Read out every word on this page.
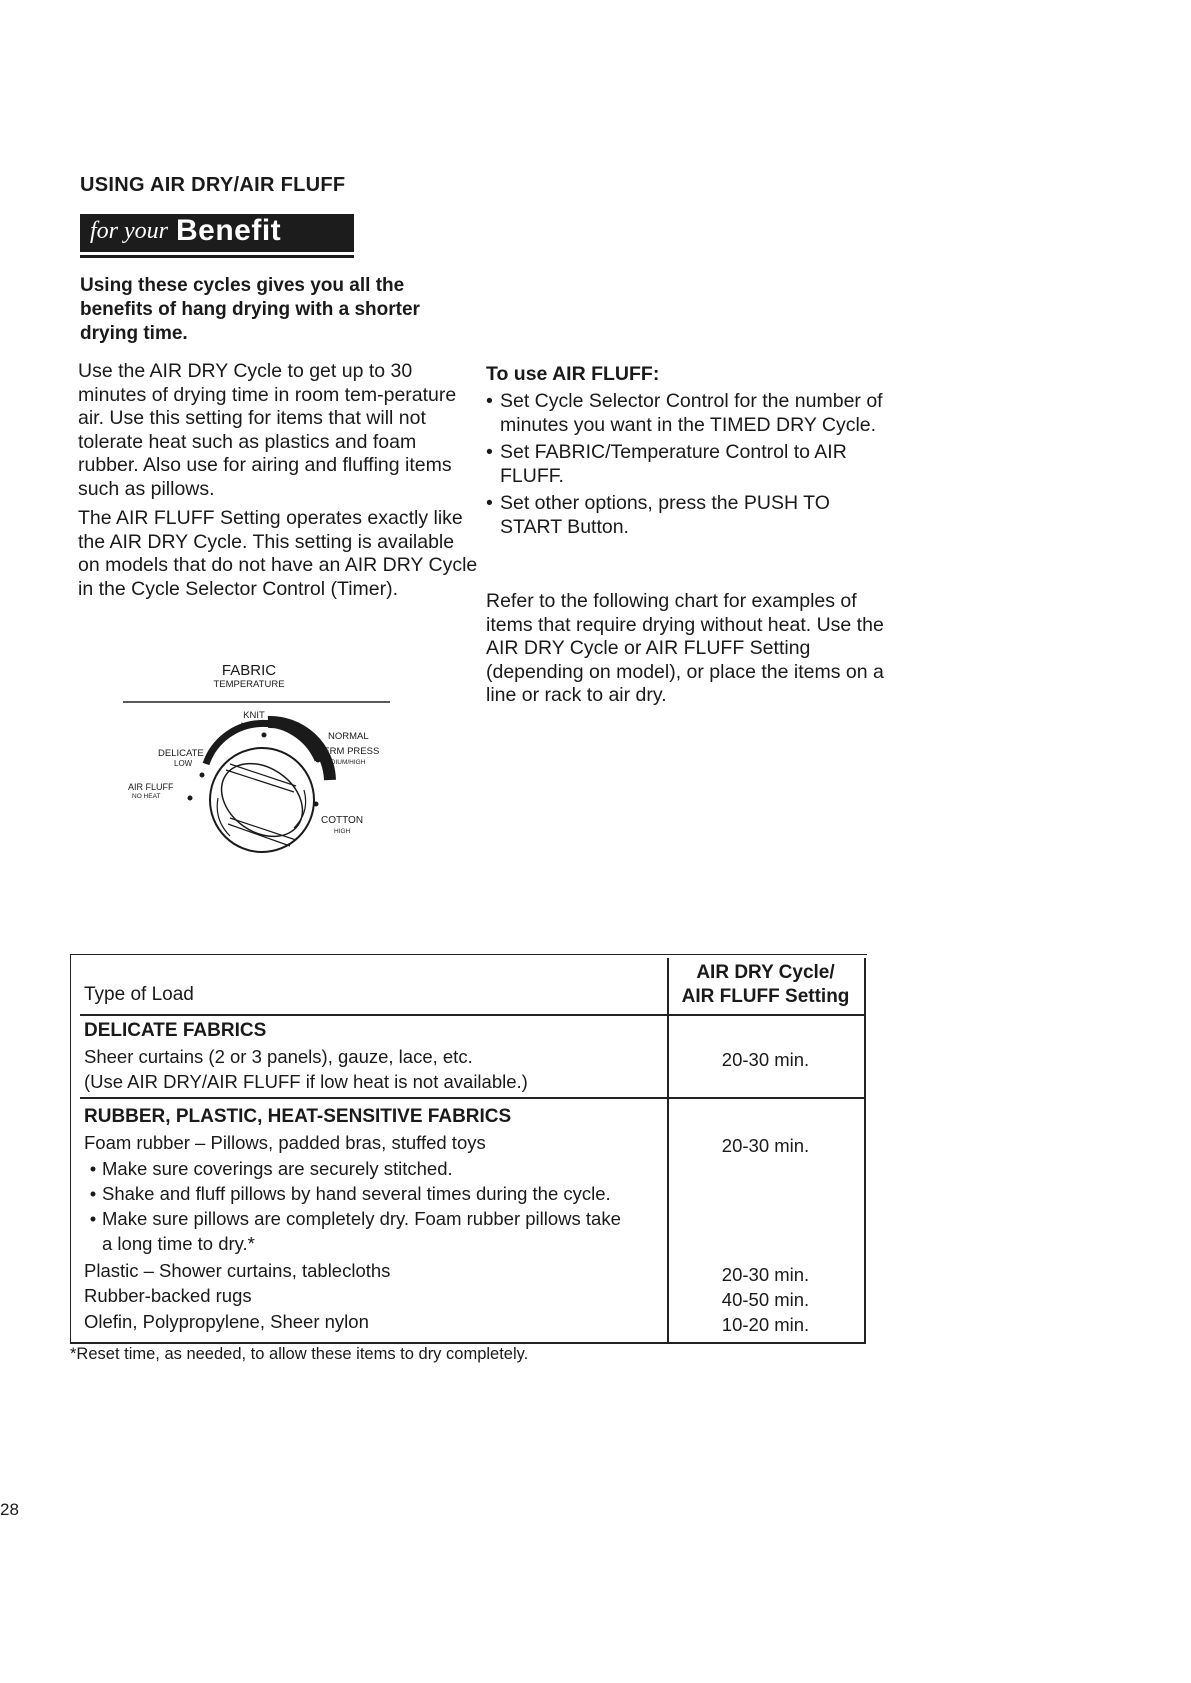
USING AIR DRY/AIR FLUFF
for your Benefit
Using these cycles gives you all the benefits of hang drying with a shorter drying time.
Use the AIR DRY Cycle to get up to 30 minutes of drying time in room tem-perature air. Use this setting for items that will not tolerate heat such as plastics and foam rubber. Also use for airing and fluffing items such as pillows.
The AIR FLUFF Setting operates exactly like the AIR DRY Cycle. This setting is available on models that do not have an AIR DRY Cycle in the Cycle Selector Control (Timer).
To use AIR FLUFF:
• Set Cycle Selector Control for the number of minutes you want in the TIMED DRY Cycle.
• Set FABRIC/Temperature Control to AIR FLUFF.
• Set other options, press the PUSH TO START Button.
Refer to the following chart for examples of items that require drying without heat. Use the AIR DRY Cycle or AIR FLUFF Setting (depending on model), or place the items on a line or rack to air dry.
FABRIC
TEMPERATURE
KNIT
MEDIUM
NORMAL
PERM PRESS
MEDIUM/HIGH
DELICATE
LOW
AIR FLUFF
NO HEAT
COTTON
HIGH
Type of Load
AIR DRY Cycle/
AIR FLUFF Setting
DELICATE FABRICS
Sheer curtains (2 or 3 panels), gauze, lace, etc.
(Use AIR DRY/AIR FLUFF if low heat is not available.)
20-30 min.
RUBBER, PLASTIC, HEAT-SENSITIVE FABRICS
Foam rubber – Pillows, padded bras, stuffed toys	20-30 min.
• Make sure coverings are securely stitched.
• Shake and fluff pillows by hand several times during the cycle.
• Make sure pillows are completely dry. Foam rubber pillows take a long time to dry.*
Plastic – Shower curtains, tablecloths	20-30 min.
Rubber-backed rugs	40-50 min.
Olefin, Polypropylene, Sheer nylon	10-20 min.
*Reset time, as needed, to allow these items to dry completely.
28
